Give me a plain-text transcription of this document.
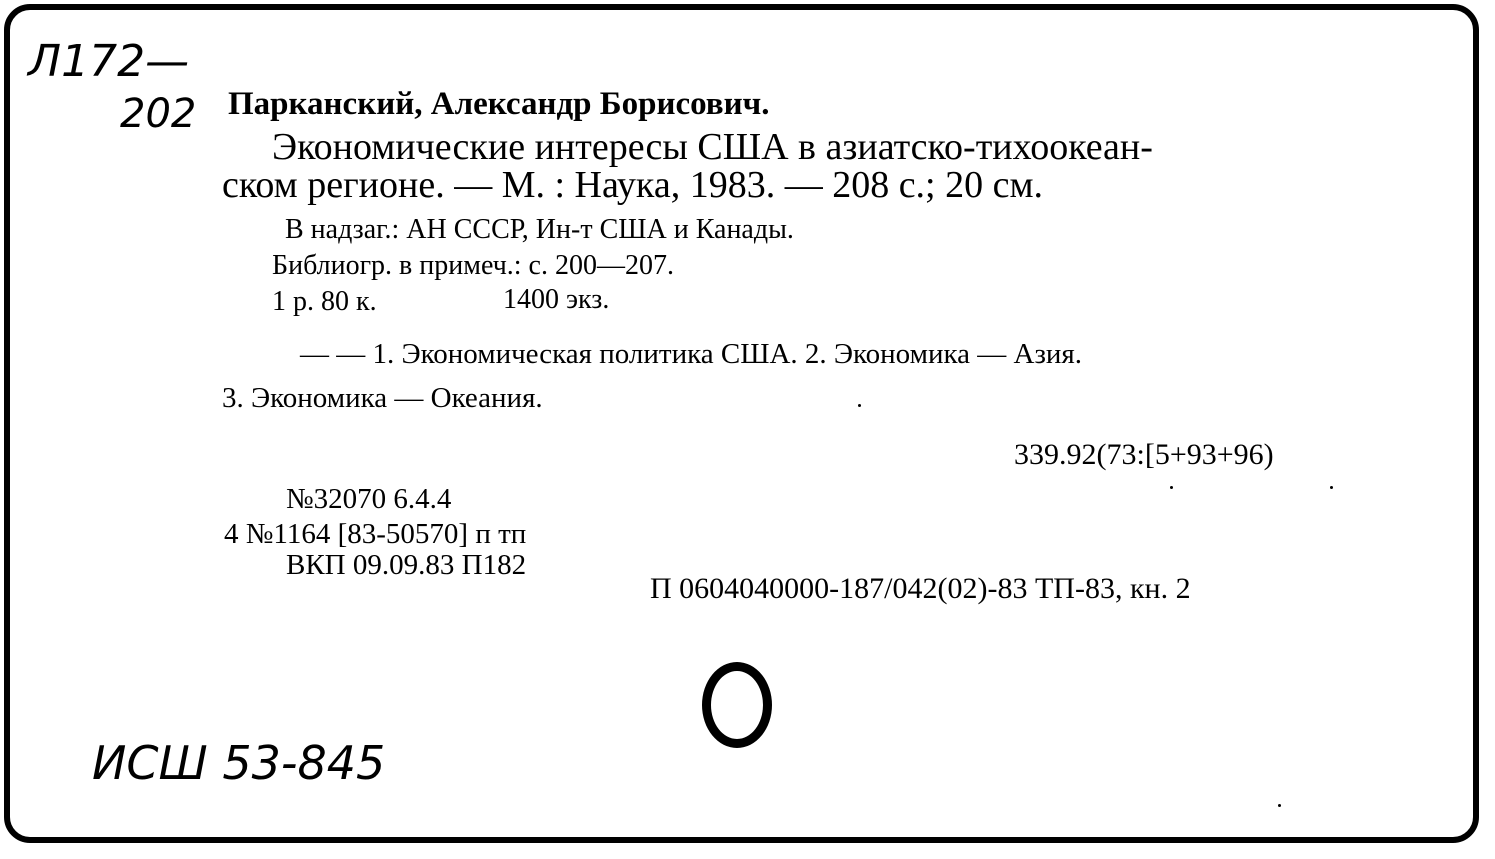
Л172—
202
ИСШ 53-845
Парканский, Александр Борисович.
Экономические интересы США в азиатско-тихоокеан-
ском регионе. — М. : Наука, 1983. — 208 с.; 20 см.
В надзаг.: АН СССР, Ин-т США и Канады.
Библиогр. в примеч.: с. 200—207.
1 р. 80 к.	1400 экз.
— — 1. Экономическая политика США. 2. Экономика — Азия.
3. Экономика — Океания.
339.92(73:[5+93+96)
№32070 6.4.4
4 №1164 [83-50570] п тп
ВКП 09.09.83 П182
П 0604040000-187/042(02)-83 ТП-83, кн. 2
